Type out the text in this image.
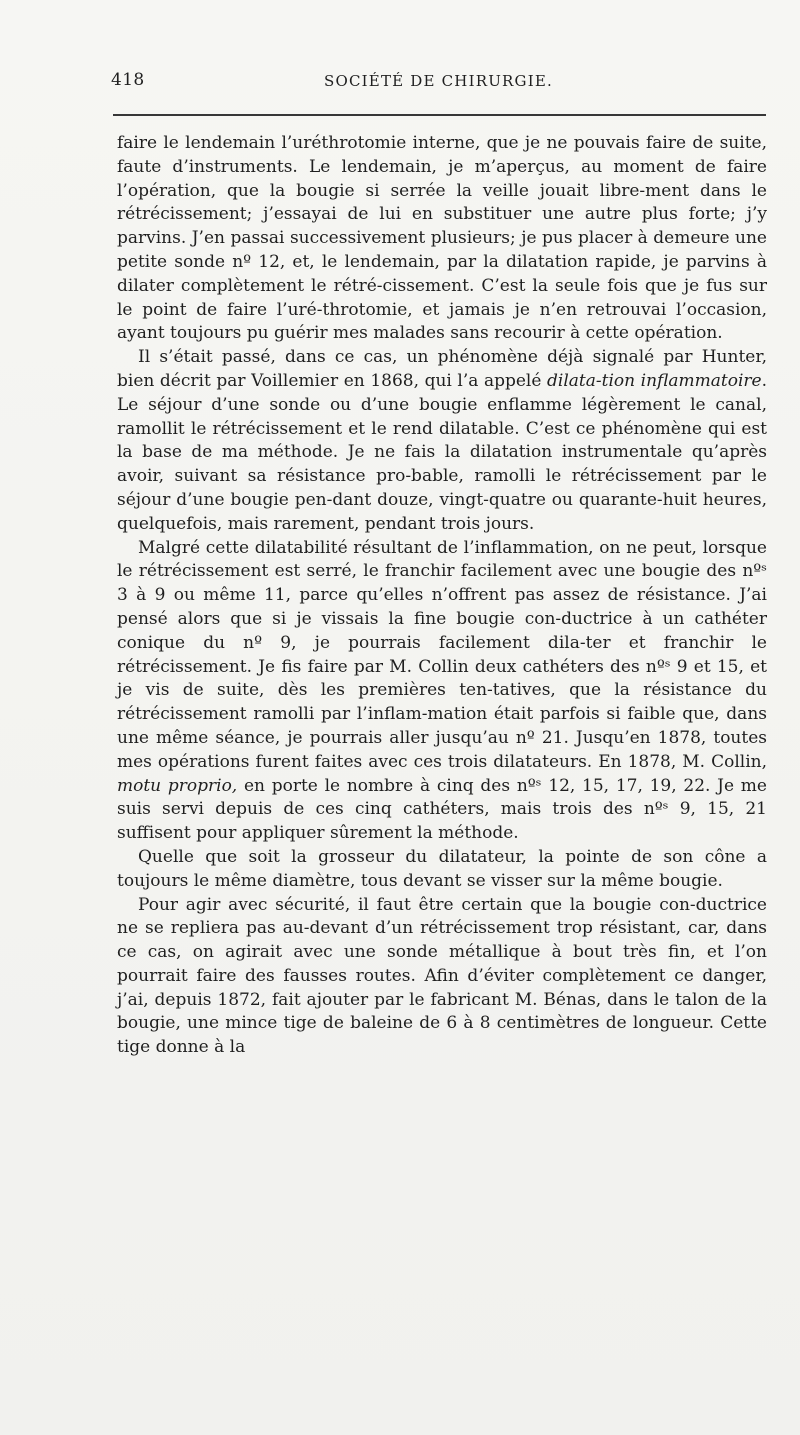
418	SOCIÉTÉ DE CHIRURGIE.

faire le lendemain l’uréthrotomie interne, que je ne pouvais faire de suite, faute d’instruments. Le lendemain, je m’aperçus, au moment de faire l’opération, que la bougie si serrée la veille jouait libre-ment dans le rétrécissement; j’essayai de lui en substituer une autre plus forte; j’y parvins. J’en passai successivement plusieurs; je pus placer à demeure une petite sonde nº 12, et, le lendemain, par la dilatation rapide, je parvins à dilater complètement le rétré-cissement. C’est la seule fois que je fus sur le point de faire l’uré-throtomie, et jamais je n’en retrouvai l’occasion, ayant toujours pu guérir mes malades sans recourir à cette opération.

Il s’était passé, dans ce cas, un phénomène déjà signalé par Hunter, bien décrit par Voillemier en 1868, qui l’a appelé dilata-tion inflammatoire. Le séjour d’une sonde ou d’une bougie enflamme légèrement le canal, ramollit le rétrécissement et le rend dilatable. C’est ce phénomène qui est la base de ma méthode. Je ne fais la dilatation instrumentale qu’après avoir, suivant sa résistance pro-bable, ramolli le rétrécissement par le séjour d’une bougie pen-dant douze, vingt-quatre ou quarante-huit heures, quelquefois, mais rarement, pendant trois jours.

Malgré cette dilatabilité résultant de l’inflammation, on ne peut, lorsque le rétrécissement est serré, le franchir facilement avec une bougie des nºˢ 3 à 9 ou même 11, parce qu’elles n’offrent pas assez de résistance. J’ai pensé alors que si je vissais la fine bougie con-ductrice à un cathéter conique du nº 9, je pourrais facilement dila-ter et franchir le rétrécissement. Je fis faire par M. Collin deux cathéters des nºˢ 9 et 15, et je vis de suite, dès les premières ten-tatives, que la résistance du rétrécissement ramolli par l’inflam-mation était parfois si faible que, dans une même séance, je pourrais aller jusqu’au nº 21. Jusqu’en 1878, toutes mes opérations furent faites avec ces trois dilatateurs. En 1878, M. Collin, motu proprio, en porte le nombre à cinq des nºˢ 12, 15, 17, 19, 22. Je me suis servi depuis de ces cinq cathéters, mais trois des nºˢ 9, 15, 21 suffisent pour appliquer sûrement la méthode.

Quelle que soit la grosseur du dilatateur, la pointe de son cône a toujours le même diamètre, tous devant se visser sur la même bougie.

Pour agir avec sécurité, il faut être certain que la bougie con-ductrice ne se repliera pas au-devant d’un rétrécissement trop résistant, car, dans ce cas, on agirait avec une sonde métallique à bout très fin, et l’on pourrait faire des fausses routes. Afin d’éviter complètement ce danger, j’ai, depuis 1872, fait ajouter par le fabricant M. Bénas, dans le talon de la bougie, une mince tige de baleine de 6 à 8 centimètres de longueur. Cette tige donne à la
